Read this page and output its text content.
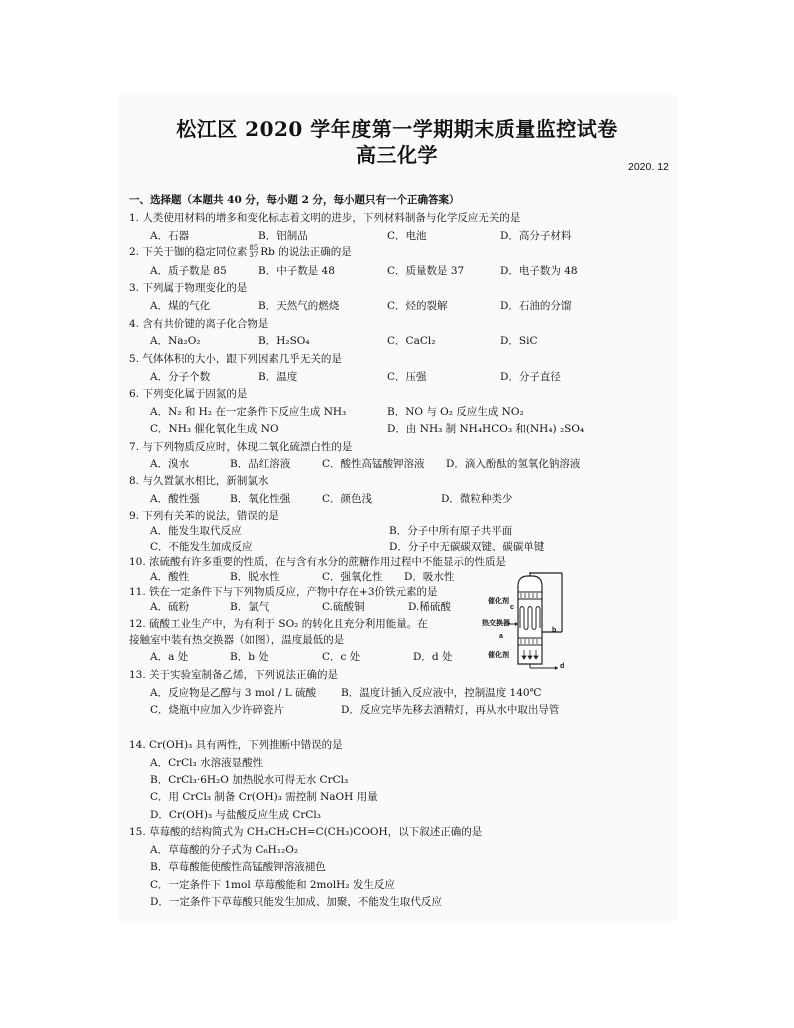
松江区 2020 学年度第一学期期末质量监控试卷
高三化学	2020. 12
一、选择题（本题共 40 分，每小题 2 分，每小题只有一个正确答案）
1. 人类使用材料的增多和变化标志着文明的进步，下列材料制备与化学反应无关的是
A．石器	B．铝制品	C．电池	D．高分子材料
2. 下关于铷的稳定同位素 85
37 Rb 的说法正确的是
A．质子数是 85	B．中子数是 48	C．质量数是 37	D．电子数为 48
3. 下列属于物理变化的是
A．煤的气化	B．天然气的燃烧	C．烃的裂解	D．石油的分馏
4. 含有共价键的离子化合物是
A．Na₂O₂	B．H₂SO₄	C．CaCl₂	D．SiC
5. 气体体积的大小，跟下列因素几乎无关的是
A．分子个数	B．温度	C．压强	D．分子直径
6. 下列变化属于固氮的是
A．N₂ 和 H₂ 在一定条件下反应生成 NH₃	B．NO 与 O₂ 反应生成 NO₂
C．NH₃ 催化氧化生成 NO	D．由 NH₃ 制 NH₄HCO₃ 和(NH₄) ₂SO₄
7. 与下列物质反应时，体现二氧化硫漂白性的是
A．溴水	B．品红溶液	C．酸性高锰酸钾溶液 D．滴入酚酞的氢氧化钠溶液
8. 与久置氯水相比，新制氯水
A．酸性强	B．氧化性强	C．颜色浅	D．微粒种类少
9. 下列有关苯的说法，错误的是
A．能发生取代反应	B．分子中所有原子共平面
C．不能发生加成反应	D．分子中无碳碳双键、碳碳单键
10. 浓硫酸有许多重要的性质，在与含有水分的蔗糖作用过程中不能显示的性质是
A．酸性	B．脱水性	C．强氧化性 D．吸水性
11. 铁在一定条件下与下列物质反应，产物中存在+3价铁元素的是
A．硫粉	B．氯气	C.硫酸铜	D.稀硫酸
12. 硫酸工业生产中，为有利于 SO₂ 的转化且充分利用能量。在
接触室中装有热交换器（如图），温度最低的是
A．a 处	B．b 处	C．c 处	D．d 处
催化剂
热交换器
催化剂
a
b
c
d
13. 关于实验室制备乙烯，下列说法正确的是
A．反应物是乙醇与 3 mol / L 硫酸 B．温度计插入反应液中，控制温度 140℃
C．烧瓶中应加入少许碎瓷片	D．反应完毕先移去酒精灯，再从水中取出导管
14. Cr(OH)₃ 具有两性，下列推断中错误的是
A．CrCl₃ 水溶液显酸性
B．CrCl₃·6H₂O 加热脱水可得无水 CrCl₃
C．用 CrCl₃ 制备 Cr(OH)₃ 需控制 NaOH 用量
D．Cr(OH)₃ 与盐酸反应生成 CrCl₃
15. 草莓酸的结构简式为 CH₃CH₂CH=C(CH₃)COOH，以下叙述正确的是
A．草莓酸的分子式为 C₆H₁₂O₂
B．草莓酸能使酸性高锰酸钾溶液褪色
C．一定条件下 1mol 草莓酸能和 2molH₂ 发生反应
D．一定条件下草莓酸只能发生加成、加聚，不能发生取代反应
